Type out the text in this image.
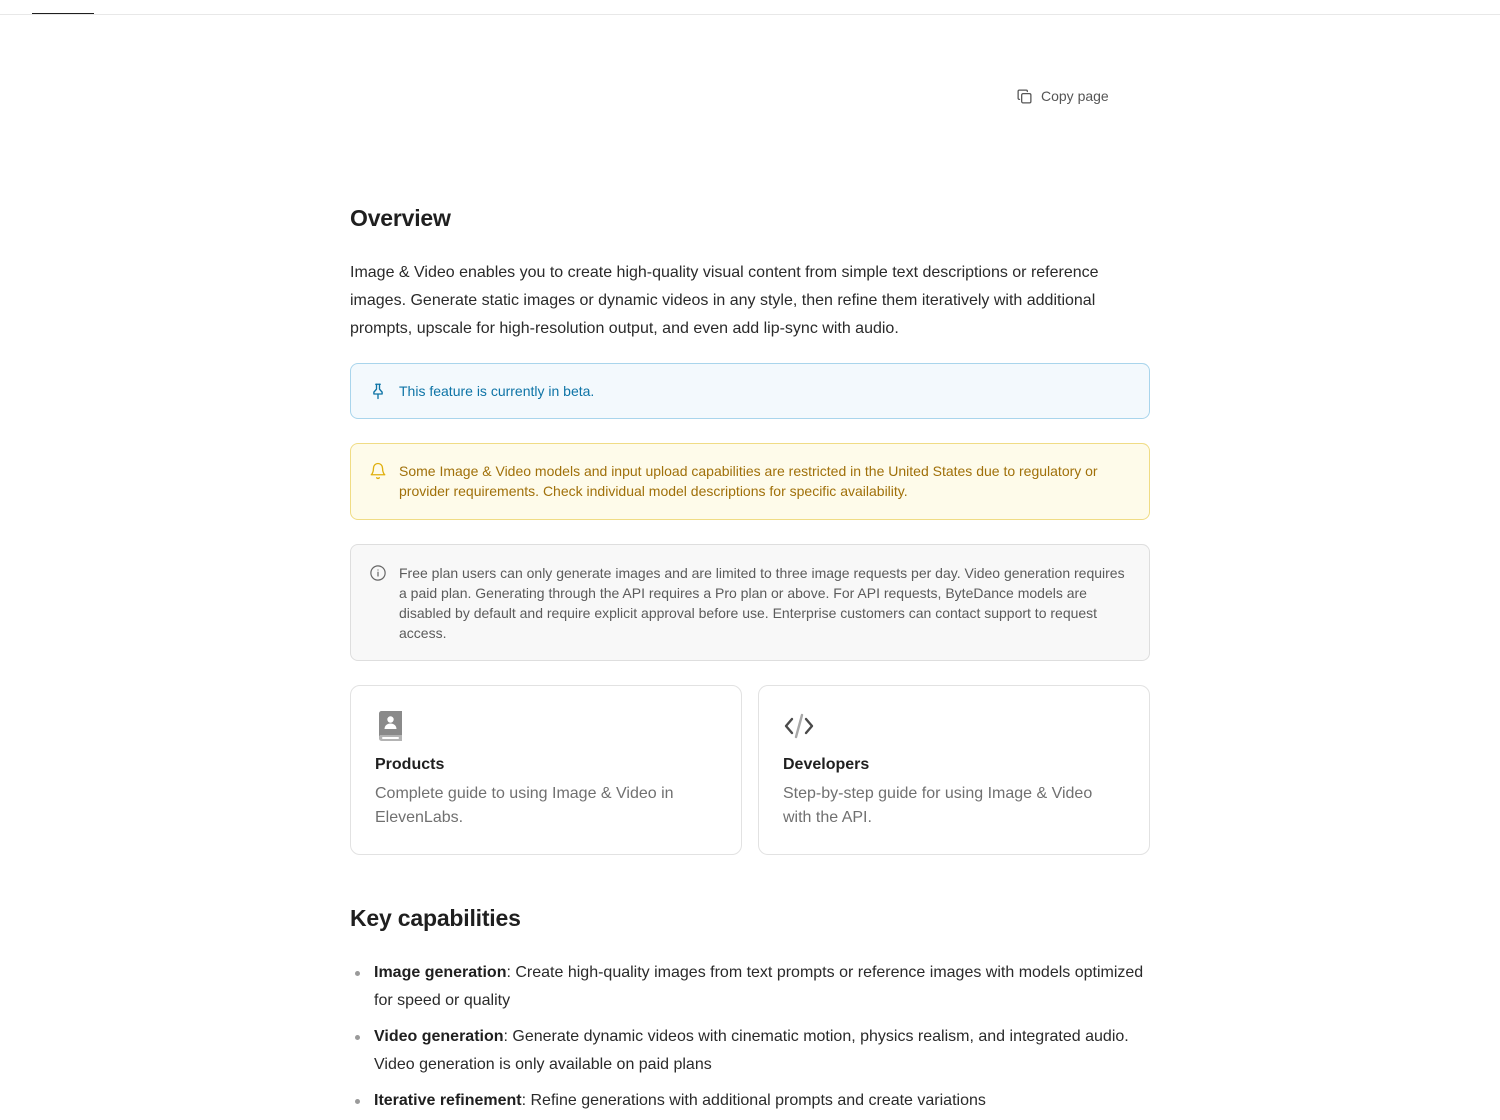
Copy page
Overview

Image & Video enables you to create high-quality visual content from simple text descriptions or reference images. Generate static images or dynamic videos in any style, then refine them iteratively with additional prompts, upscale for high-resolution output, and even add lip-sync with audio.

This feature is currently in beta.
Some Image & Video models and input upload capabilities are restricted in the United States due to regulatory or provider requirements. Check individual model descriptions for specific availability.
Free plan users can only generate images and are limited to three image requests per day. Video generation requires a paid plan. Generating through the API requires a Pro plan or above. For API requests, ByteDance models are disabled by default and require explicit approval before use. Enterprise customers can contact support to request access.
Products
Complete guide to using Image & Video in ElevenLabs.
Developers
Step-by-step guide for using Image & Video with the API.
Key capabilities
Image generation: Create high-quality images from text prompts or reference images with models optimized for speed or quality
Video generation: Generate dynamic videos with cinematic motion, physics realism, and integrated audio. Video generation is only available on paid plans
Iterative refinement: Refine generations with additional prompts and create variations
